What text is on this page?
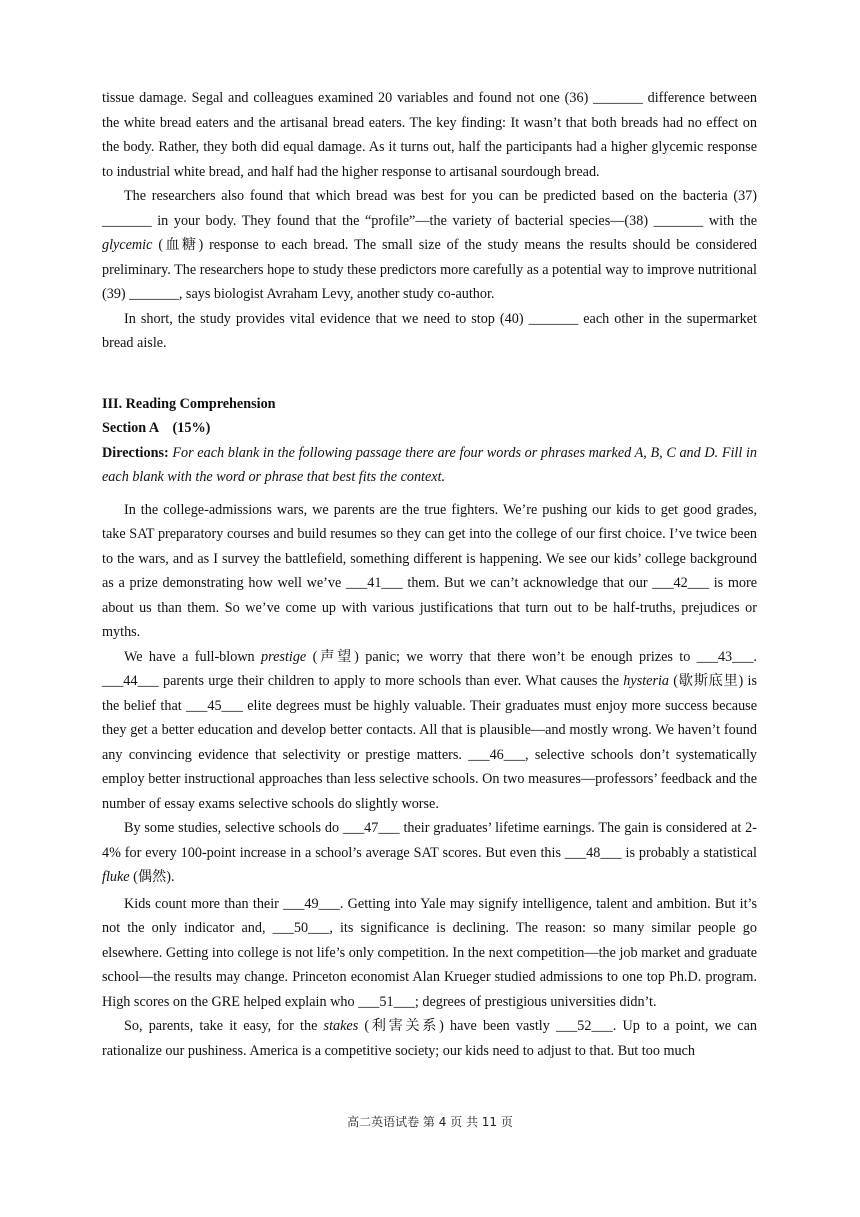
tissue damage. Segal and colleagues examined 20 variables and found not one (36) _______ difference between the white bread eaters and the artisanal bread eaters. The key finding: It wasn’t that both breads had no effect on the body. Rather, they both did equal damage. As it turns out, half the participants had a higher glycemic response to industrial white bread, and half had the higher response to artisanal sourdough bread.

The researchers also found that which bread was best for you can be predicted based on the bacteria (37) _______ in your body. They found that the “profile”—the variety of bacterial species—(38) _______ with the glycemic (血糖) response to each bread. The small size of the study means the results should be considered preliminary. The researchers hope to study these predictors more carefully as a potential way to improve nutritional (39) _______, says biologist Avraham Levy, another study co-author.

In short, the study provides vital evidence that we need to stop (40) _______ each other in the supermarket bread aisle.

III. Reading Comprehension

Section A    (15%)

Directions: For each blank in the following passage there are four words or phrases marked A, B, C and D. Fill in each blank with the word or phrase that best fits the context.

In the college-admissions wars, we parents are the true fighters. We’re pushing our kids to get good grades, take SAT preparatory courses and build resumes so they can get into the college of our first choice. I’ve twice been to the wars, and as I survey the battlefield, something different is happening. We see our kids’ college background as a prize demonstrating how well we’ve ___41___ them. But we can’t acknowledge that our ___42___ is more about us than them. So we’ve come up with various justifications that turn out to be half-truths, prejudices or myths.

We have a full-blown prestige (声望) panic; we worry that there won’t be enough prizes to ___43___. ___44___ parents urge their children to apply to more schools than ever. What causes the hysteria (歇斯底里) is the belief that ___45___ elite degrees must be highly valuable. Their graduates must enjoy more success because they get a better education and develop better contacts. All that is plausible—and mostly wrong. We haven’t found any convincing evidence that selectivity or prestige matters. ___46___, selective schools don’t systematically employ better instructional approaches than less selective schools. On two measures—professors’ feedback and the number of essay exams selective schools do slightly worse.

By some studies, selective schools do ___47___ their graduates’ lifetime earnings. The gain is considered at 2-4% for every 100-point increase in a school’s average SAT scores. But even this ___48___ is probably a statistical fluke (偶然).

Kids count more than their ___49___. Getting into Yale may signify intelligence, talent and ambition. But it’s not the only indicator and, ___50___, its significance is declining. The reason: so many similar people go elsewhere. Getting into college is not life’s only competition. In the next competition—the job market and graduate school—the results may change. Princeton economist Alan Krueger studied admissions to one top Ph.D. program. High scores on the GRE helped explain who ___51___; degrees of prestigious universities didn’t.

So, parents, take it easy, for the stakes (利害关系) have been vastly ___52___. Up to a point, we can rationalize our pushiness. America is a competitive society; our kids need to adjust to that. But too much

高二英语试卷 第 4 页 共 11 页
